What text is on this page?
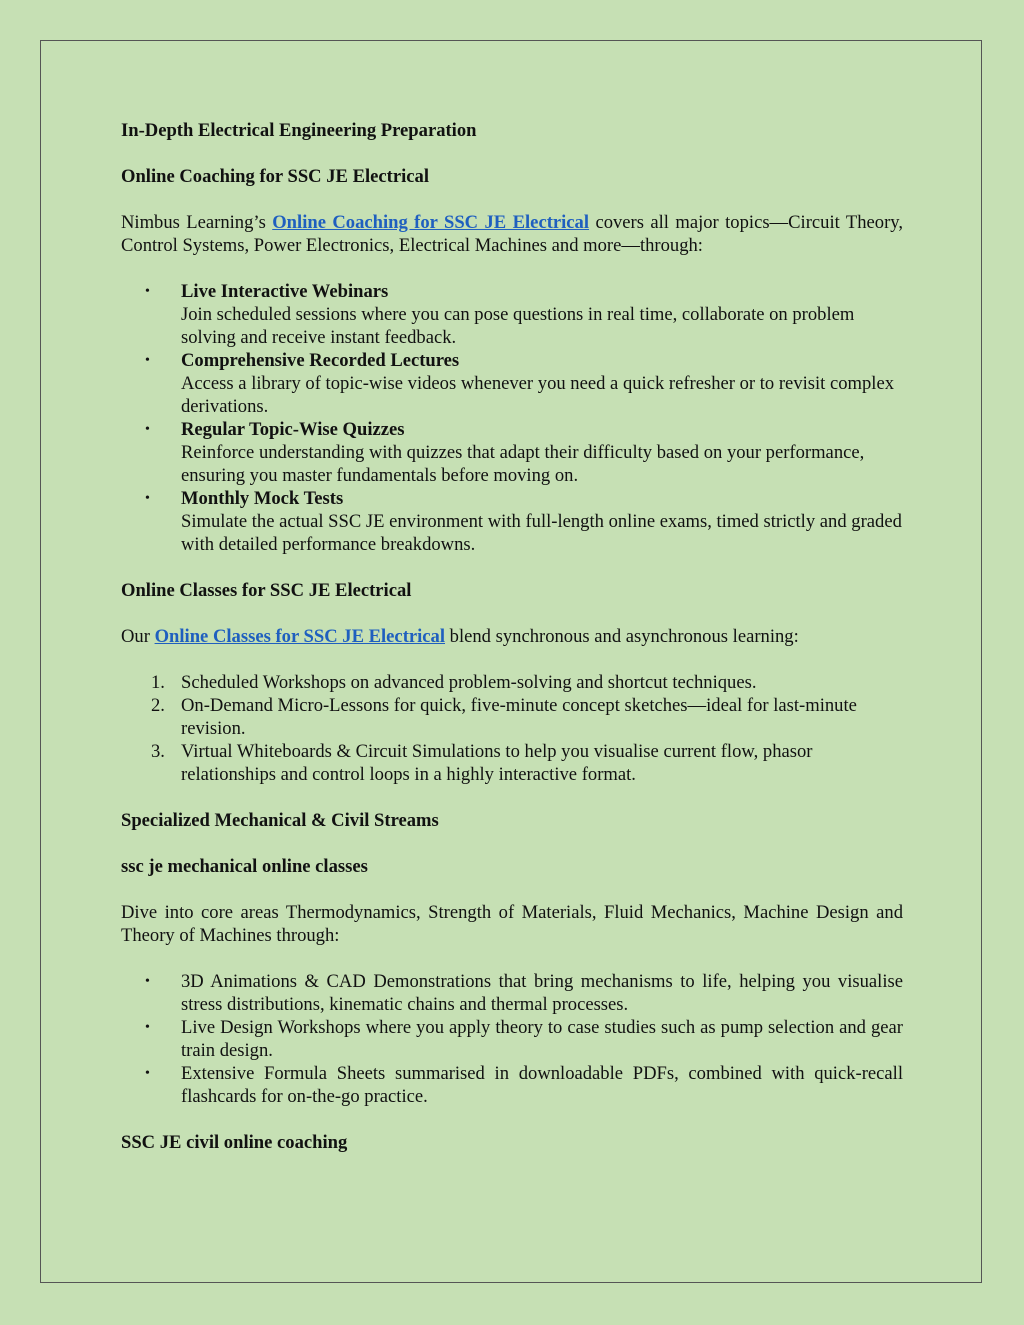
In-Depth Electrical Engineering Preparation

Online Coaching for SSC JE Electrical

Nimbus Learning’s Online Coaching for SSC JE Electrical covers all major topics—Circuit Theory, Control Systems, Power Electronics, Electrical Machines and more—through:

• Live Interactive Webinars
Join scheduled sessions where you can pose questions in real time, collaborate on problem solving and receive instant feedback.
• Comprehensive Recorded Lectures
Access a library of topic-wise videos whenever you need a quick refresher or to revisit complex derivations.
• Regular Topic-Wise Quizzes
Reinforce understanding with quizzes that adapt their difficulty based on your performance, ensuring you master fundamentals before moving on.
• Monthly Mock Tests
Simulate the actual SSC JE environment with full-length online exams, timed strictly and graded with detailed performance breakdowns.

Online Classes for SSC JE Electrical

Our Online Classes for SSC JE Electrical blend synchronous and asynchronous learning:

1. Scheduled Workshops on advanced problem-solving and shortcut techniques.
2. On-Demand Micro-Lessons for quick, five-minute concept sketches—ideal for last-minute revision.
3. Virtual Whiteboards & Circuit Simulations to help you visualise current flow, phasor relationships and control loops in a highly interactive format.

Specialized Mechanical & Civil Streams

ssc je mechanical online classes

Dive into core areas Thermodynamics, Strength of Materials, Fluid Mechanics, Machine Design and Theory of Machines through:

• 3D Animations & CAD Demonstrations that bring mechanisms to life, helping you visualise stress distributions, kinematic chains and thermal processes.
• Live Design Workshops where you apply theory to case studies such as pump selection and gear train design.
• Extensive Formula Sheets summarised in downloadable PDFs, combined with quick-recall flashcards for on-the-go practice.

SSC JE civil online coaching
